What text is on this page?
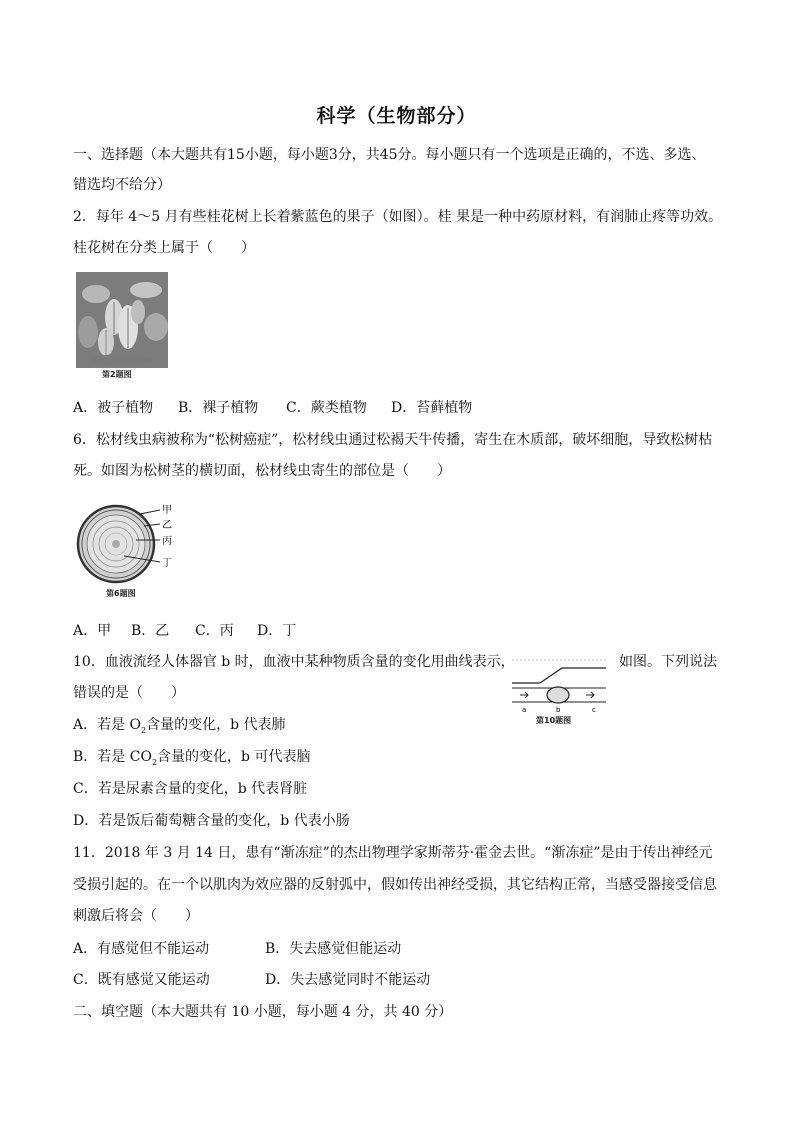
科学（生物部分）
一、选择题（本大题共有15小题，每小题3分，共45分。每小题只有一个选项是正确的，不选、多选、
错选均不给分）
2．每年 4～5 月有些桂花树上长着紫蓝色的果子（如图）。桂 果是一种中药原材料，有润肺止疼等功效。
桂花树在分类上属于（　　）
第2题图
A．被子植物 B．裸子植物 C．蕨类植物 D．苔藓植物
6．松材线虫病被称为“松树癌症”，松材线虫通过松褐天牛传播，寄生在木质部，破坏细胞，导致松树枯
死。如图为松树茎的横切面，松材线虫寄生的部位是（　　）
甲
乙
丙
丁
第6题图
A．甲 B．乙 C．丙 D．丁
10．血液流经人体器官 b 时，血液中某种物质含量的变化用曲线表示，	如图。下列说法
错误的是（　　）
a	b	c
第10题图
A．若是 $O_2$含量的变化，b 代表肺
B．若是 $CO_2$含量的变化，b 可代表脑
C．若是尿素含量的变化，b 代表肾脏
D．若是饭后葡萄糖含量的变化，b 代表小肠
11．2018 年 3 月 14 日，患有“渐冻症”的杰出物理学家斯蒂芬·霍金去世。“渐冻症”是由于传出神经元
受损引起的。在一个以肌肉为效应器的反射弧中，假如传出神经受损，其它结构正常，当感受器接受信息
刺激后将会（　　）
A．有感觉但不能运动	B．失去感觉但能运动
C．既有感觉又能运动	D．失去感觉同时不能运动
二、填空题（本大题共有 10 小题，每小题 4 分，共 40 分）
